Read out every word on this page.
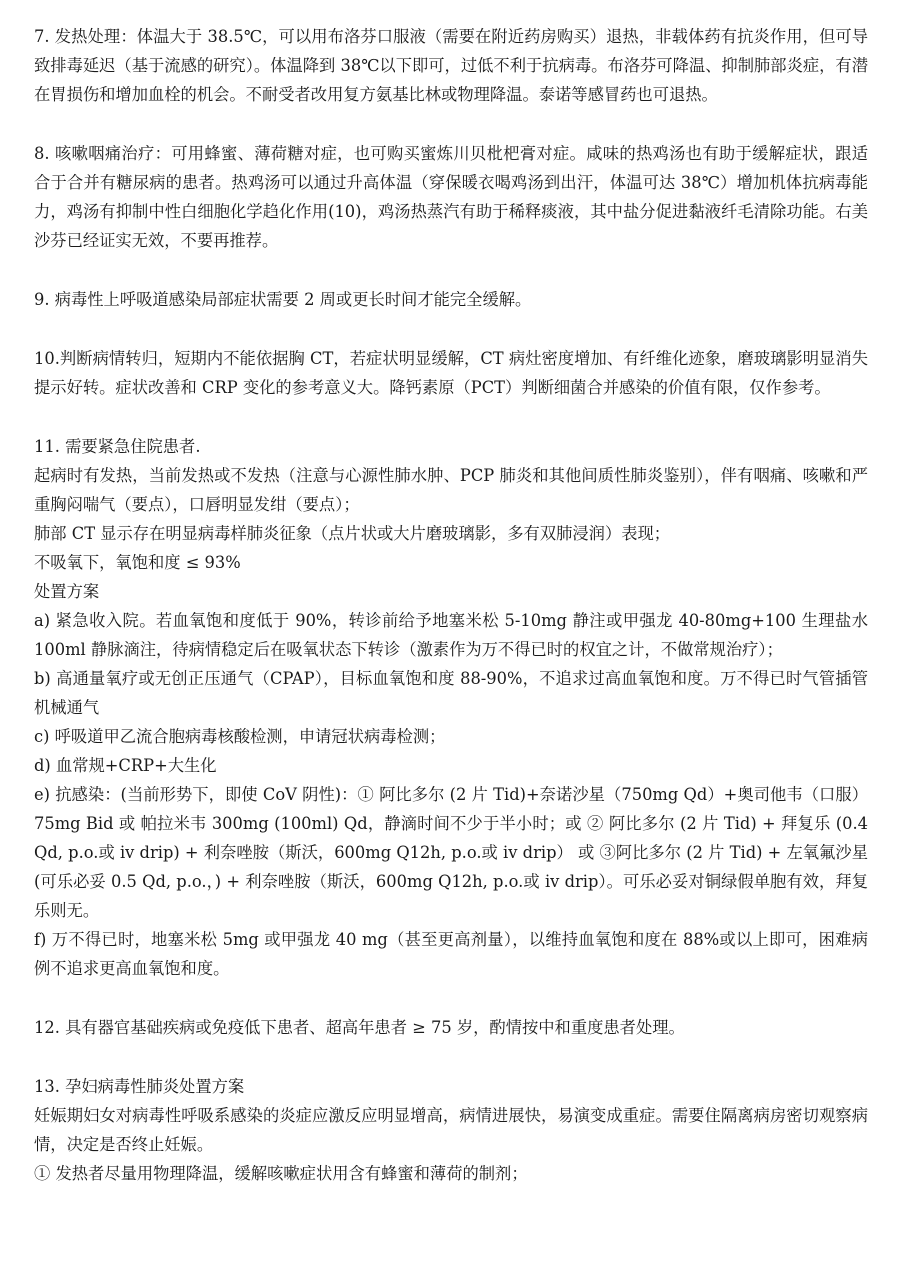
7. 发热处理：体温大于 38.5℃，可以用布洛芬口服液（需要在附近药房购买）退热，非载体药有抗炎作用，但可导致排毒延迟（基于流感的研究）。体温降到 38℃以下即可，过低不利于抗病毒。布洛芬可降温、抑制肺部炎症，有潜在胃损伤和增加血栓的机会。不耐受者改用复方氨基比林或物理降温。泰诺等感冒药也可退热。

8. 咳嗽咽痛治疗：可用蜂蜜、薄荷糖对症，也可购买蜜炼川贝枇杷膏对症。咸味的热鸡汤也有助于缓解症状，跟适合于合并有糖尿病的患者。热鸡汤可以通过升高体温（穿保暖衣喝鸡汤到出汗，体温可达 38℃）增加机体抗病毒能力，鸡汤有抑制中性白细胞化学趋化作用(10)，鸡汤热蒸汽有助于稀释痰液，其中盐分促进黏液纤毛清除功能。右美沙芬已经证实无效，不要再推荐。

9. 病毒性上呼吸道感染局部症状需要 2 周或更长时间才能完全缓解。

10.判断病情转归，短期内不能依据胸 CT，若症状明显缓解，CT 病灶密度增加、有纤维化迹象，磨玻璃影明显消失提示好转。症状改善和 CRP 变化的参考意义大。降钙素原（PCT）判断细菌合并感染的价值有限，仅作参考。

11. 需要紧急住院患者.

起病时有发热，当前发热或不发热（注意与心源性肺水肿、PCP 肺炎和其他间质性肺炎鉴别），伴有咽痛、咳嗽和严重胸闷喘气（要点），口唇明显发绀（要点）；

肺部 CT 显示存在明显病毒样肺炎征象（点片状或大片磨玻璃影，多有双肺浸润）表现；

不吸氧下，氧饱和度 ≤ 93%

处置方案

a) 紧急收入院。若血氧饱和度低于 90%，转诊前给予地塞米松 5-10mg 静注或甲强龙 40-80mg+100 生理盐水 100ml 静脉滴注，待病情稳定后在吸氧状态下转诊（激素作为万不得已时的权宜之计，不做常规治疗）；

b) 高通量氧疗或无创正压通气（CPAP），目标血氧饱和度 88-90%，不追求过高血氧饱和度。万不得已时气管插管机械通气

c) 呼吸道甲乙流合胞病毒核酸检测，申请冠状病毒检测；

d) 血常规+CRP+大生化

e) 抗感染：(当前形势下，即使 CoV 阴性)：① 阿比多尔 (2 片 Tid)+奈诺沙星（750mg Qd）+奥司他韦（口服）75mg Bid 或 帕拉米韦 300mg (100ml) Qd，静滴时间不少于半小时；或 ② 阿比多尔 (2 片 Tid) + 拜复乐 (0.4 Qd, p.o.或 iv drip) + 利奈唑胺（斯沃，600mg Q12h, p.o.或 iv drip） 或 ③阿比多尔 (2 片 Tid) + 左氧氟沙星 (可乐必妥 0.5 Qd, p.o.，) + 利奈唑胺（斯沃，600mg Q12h, p.o.或 iv drip）。可乐必妥对铜绿假单胞有效，拜复乐则无。

f) 万不得已时，地塞米松 5mg 或甲强龙 40 mg（甚至更高剂量），以维持血氧饱和度在 88%或以上即可，困难病例不追求更高血氧饱和度。

12. 具有器官基础疾病或免疫低下患者、超高年患者 ≥ 75 岁，酌情按中和重度患者处理。

13. 孕妇病毒性肺炎处置方案

妊娠期妇女对病毒性呼吸系感染的炎症应激反应明显增高，病情进展快，易演变成重症。需要住隔离病房密切观察病情，决定是否终止妊娠。

① 发热者尽量用物理降温，缓解咳嗽症状用含有蜂蜜和薄荷的制剂；
